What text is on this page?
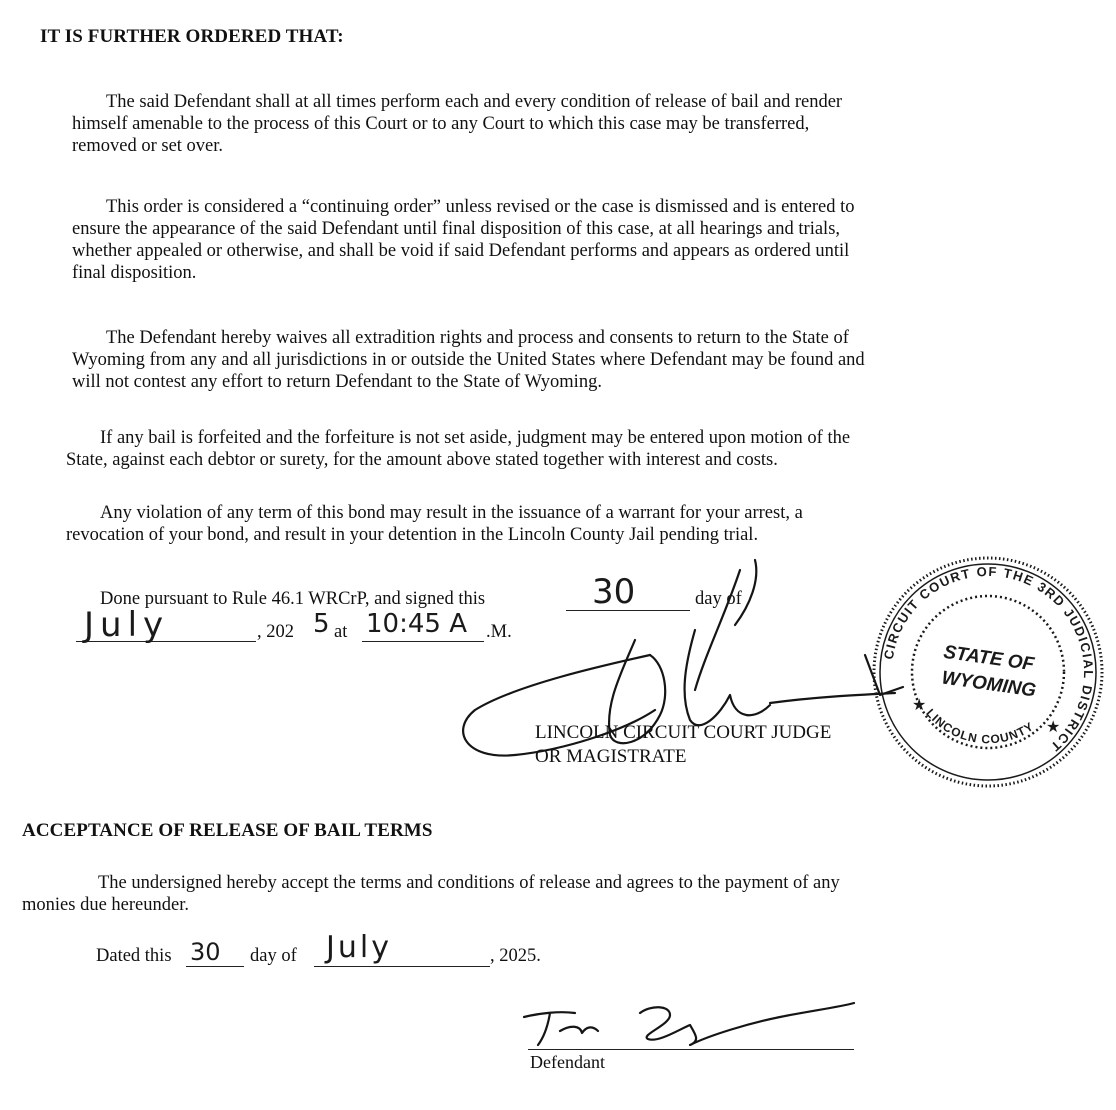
IT IS FURTHER ORDERED THAT:
The said Defendant shall at all times perform each and every condition of release of bail and render
himself amenable to the process of this Court or to any Court to which this case may be transferred,
removed or set over.
This order is considered a “continuing order” unless revised or the case is dismissed and is entered to
ensure the appearance of the said Defendant until final disposition of this case, at all hearings and trials,
whether appealed or otherwise, and shall be void if said Defendant performs and appears as ordered until
final disposition.
The Defendant hereby waives all extradition rights and process and consents to return to the State of
Wyoming from any and all jurisdictions in or outside the United States where Defendant may be found and
will not contest any effort to return Defendant to the State of Wyoming.
If any bail is forfeited and the forfeiture is not set aside, judgment may be entered upon motion of the
State, against each debtor or surety, for the amount above stated together with interest and costs.
Any violation of any term of this bond may result in the issuance of a warrant for your arrest, a
revocation of your bond, and result in your detention in the Lincoln County Jail pending trial.
Done pursuant to Rule 46.1 WRCrP, and signed this	30	day of
July	, 202 5 at 10:45 A .M.
LINCOLN CIRCUIT COURT JUDGE
OR MAGISTRATE
CIRCUIT COURT OF THE 3RD JUDICIAL DISTRICT
STATE OF
WYOMING
LINCOLN COUNTY
★
★
ACCEPTANCE OF RELEASE OF BAIL TERMS
The undersigned hereby accept the terms and conditions of release and agrees to the payment of any
monies due hereunder.
Dated this 30 day of July	, 2025.
Defendant
